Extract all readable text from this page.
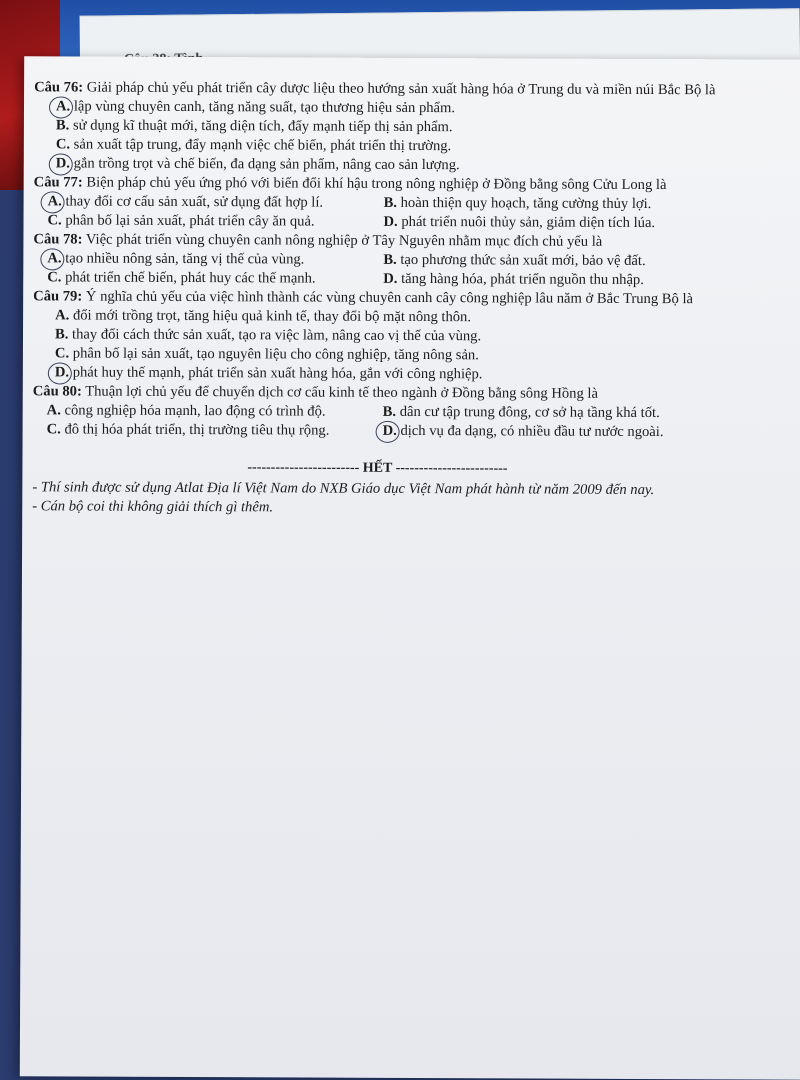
Câu 76: Giải pháp chủ yếu phát triển cây dược liệu theo hướng sản xuất hàng hóa ở Trung du và miền núi Bắc Bộ là
A. lập vùng chuyên canh, tăng năng suất, tạo thương hiệu sản phẩm.
B. sử dụng kĩ thuật mới, tăng diện tích, đẩy mạnh tiếp thị sản phẩm.
C. sản xuất tập trung, đẩy mạnh việc chế biến, phát triển thị trường.
D. gắn trồng trọt và chế biến, đa dạng sản phẩm, nâng cao sản lượng.
Câu 77: Biện pháp chủ yếu ứng phó với biến đổi khí hậu trong nông nghiệp ở Đồng bằng sông Cửu Long là
A. thay đổi cơ cấu sản xuất, sử dụng đất hợp lí.	B. hoàn thiện quy hoạch, tăng cường thủy lợi.
C. phân bố lại sản xuất, phát triển cây ăn quả.	D. phát triển nuôi thủy sản, giảm diện tích lúa.
Câu 78: Việc phát triển vùng chuyên canh nông nghiệp ở Tây Nguyên nhằm mục đích chủ yếu là
A. tạo nhiều nông sản, tăng vị thế của vùng.	B. tạo phương thức sản xuất mới, bảo vệ đất.
C. phát triển chế biến, phát huy các thế mạnh.	D. tăng hàng hóa, phát triển nguồn thu nhập.
Câu 79: Ý nghĩa chủ yếu của việc hình thành các vùng chuyên canh cây công nghiệp lâu năm ở Bắc Trung Bộ là
A. đổi mới trồng trọt, tăng hiệu quả kinh tế, thay đổi bộ mặt nông thôn.
B. thay đổi cách thức sản xuất, tạo ra việc làm, nâng cao vị thế của vùng.
C. phân bố lại sản xuất, tạo nguyên liệu cho công nghiệp, tăng nông sản.
D. phát huy thế mạnh, phát triển sản xuất hàng hóa, gắn với công nghiệp.
Câu 80: Thuận lợi chủ yếu để chuyển dịch cơ cấu kinh tế theo ngành ở Đồng bằng sông Hồng là
A. công nghiệp hóa mạnh, lao động có trình độ.	B. dân cư tập trung đông, cơ sở hạ tầng khá tốt.
C. đô thị hóa phát triển, thị trường tiêu thụ rộng.	D. dịch vụ đa dạng, có nhiều đầu tư nước ngoài.
------------------------ HẾT ------------------------
- Thí sinh được sử dụng Atlat Địa lí Việt Nam do NXB Giáo dục Việt Nam phát hành từ năm 2009 đến nay.
- Cán bộ coi thi không giải thích gì thêm.
